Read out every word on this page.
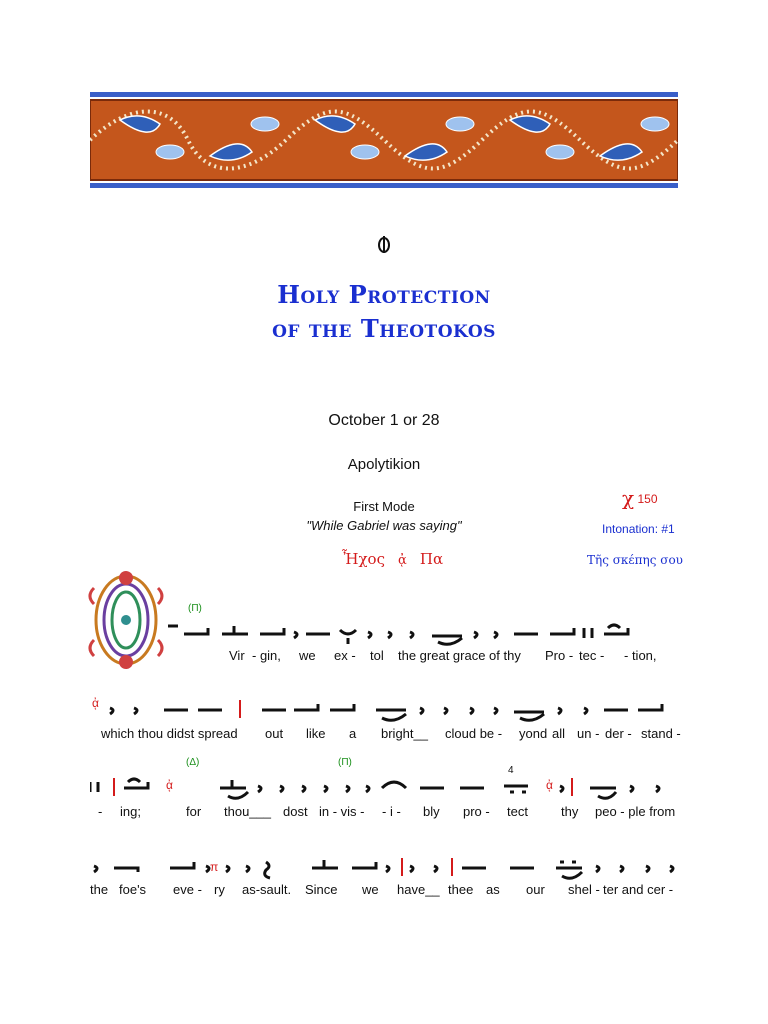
Holy Protection
of the Theotokos
October 1 or 28
Apolytikion
First Mode
"While Gabriel was saying"
χ 150
Intonation: #1
Ἦχος   ᾀ   Πα	Τῆς σκέπης σου
(Π)
ᾀ
(Δ)	(Π)
4
ᾀ	ᾀ
π
Vir - gin, we ex - tol the great grace of thy Pro - tec - - tion,
which thou didst spread out like a bright__ cloud be - yond all un - der - stand -
- ing;	for thou___ dost in - vis - - i - bly pro - tect	thy peo - ple from
the foe's eve - ry as-sault. Since we have__ thee as our shel - ter and cer -
